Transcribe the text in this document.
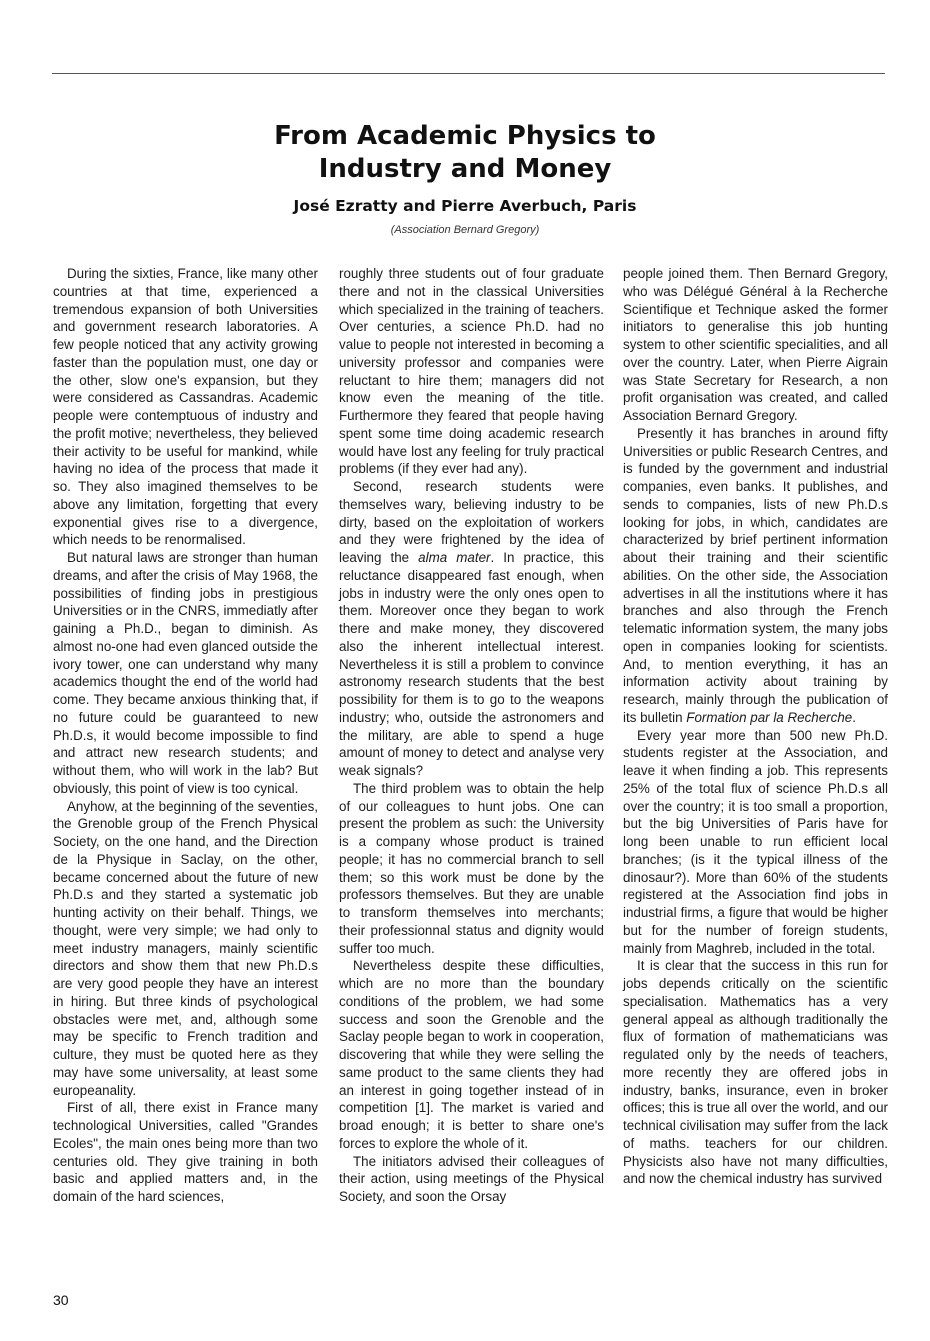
From Academic Physics to
Industry and Money
José Ezratty and Pierre Averbuch, Paris
(Association Bernard Gregory)

During the sixties, France, like many other countries at that time, experienced a tremendous expansion of both Universities and government research laboratories. A few people noticed that any activity growing faster than the population must, one day or the other, slow one's expansion, but they were considered as Cassandras. Academic people were contemptuous of industry and the profit motive; nevertheless, they believed their activity to be useful for mankind, while having no idea of the process that made it so. They also imagined themselves to be above any limitation, forgetting that every exponential gives rise to a divergence, which needs to be renormalised.

But natural laws are stronger than human dreams, and after the crisis of May 1968, the possibilities of finding jobs in prestigious Universities or in the CNRS, immediatly after gaining a Ph.D., began to diminish. As almost no-one had even glanced outside the ivory tower, one can understand why many academics thought the end of the world had come. They became anxious thinking that, if no future could be guaranteed to new Ph.D.s, it would become impossible to find and attract new research students; and without them, who will work in the lab? But obviously, this point of view is too cynical.

Anyhow, at the beginning of the seventies, the Grenoble group of the French Physical Society, on the one hand, and the Direction de la Physique in Saclay, on the other, became concerned about the future of new Ph.D.s and they started a systematic job hunting activity on their behalf. Things, we thought, were very simple; we had only to meet industry managers, mainly scientific directors and show them that new Ph.D.s are very good people they have an interest in hiring. But three kinds of psychological obstacles were met, and, although some may be specific to French tradition and culture, they must be quoted here as they may have some universality, at least some europeanality.

First of all, there exist in France many technological Universities, called "Grandes Ecoles", the main ones being more than two centuries old. They give training in both basic and applied matters and, in the domain of the hard sciences,

roughly three students out of four graduate there and not in the classical Universities which specialized in the training of teachers. Over centuries, a science Ph.D. had no value to people not interested in becoming a university professor and companies were reluctant to hire them; managers did not know even the meaning of the title. Furthermore they feared that people having spent some time doing academic research would have lost any feeling for truly practical problems (if they ever had any).

Second, research students were themselves wary, believing industry to be dirty, based on the exploitation of workers and they were frightened by the idea of leaving the alma mater. In practice, this reluctance disappeared fast enough, when jobs in industry were the only ones open to them. Moreover once they began to work there and make money, they discovered also the inherent intellectual interest. Nevertheless it is still a problem to convince astronomy research students that the best possibility for them is to go to the weapons industry; who, outside the astronomers and the military, are able to spend a huge amount of money to detect and analyse very weak signals?

The third problem was to obtain the help of our colleagues to hunt jobs. One can present the problem as such: the University is a company whose product is trained people; it has no commercial branch to sell them; so this work must be done by the professors themselves. But they are unable to transform themselves into merchants; their professionnal status and dignity would suffer too much.

Nevertheless despite these difficulties, which are no more than the boundary conditions of the problem, we had some success and soon the Grenoble and the Saclay people began to work in cooperation, discovering that while they were selling the same product to the same clients they had an interest in going together instead of in competition [1]. The market is varied and broad enough; it is better to share one's forces to explore the whole of it.

The initiators advised their colleagues of their action, using meetings of the Physical Society, and soon the Orsay

people joined them. Then Bernard Gregory, who was Délégué Général à la Recherche Scientifique et Technique asked the former initiators to generalise this job hunting system to other scientific specialities, and all over the country. Later, when Pierre Aigrain was State Secretary for Research, a non profit organisation was created, and called Association Bernard Gregory.

Presently it has branches in around fifty Universities or public Research Centres, and is funded by the government and industrial companies, even banks. It publishes, and sends to companies, lists of new Ph.D.s looking for jobs, in which, candidates are characterized by brief pertinent information about their training and their scientific abilities. On the other side, the Association advertises in all the institutions where it has branches and also through the French telematic information system, the many jobs open in companies looking for scientists. And, to mention everything, it has an information activity about training by research, mainly through the publication of its bulletin Formation par la Recherche.

Every year more than 500 new Ph.D. students register at the Association, and leave it when finding a job. This represents 25% of the total flux of science Ph.D.s all over the country; it is too small a proportion, but the big Universities of Paris have for long been unable to run efficient local branches; (is it the typical illness of the dinosaur?). More than 60% of the students registered at the Association find jobs in industrial firms, a figure that would be higher but for the number of foreign students, mainly from Maghreb, included in the total.

It is clear that the success in this run for jobs depends critically on the scientific specialisation. Mathematics has a very general appeal as although traditionally the flux of formation of mathematicians was regulated only by the needs of teachers, more recently they are offered jobs in industry, banks, insurance, even in broker offices; this is true all over the world, and our technical civilisation may suffer from the lack of maths. teachers for our children. Physicists also have not many difficulties, and now the chemical industry has survived

30
